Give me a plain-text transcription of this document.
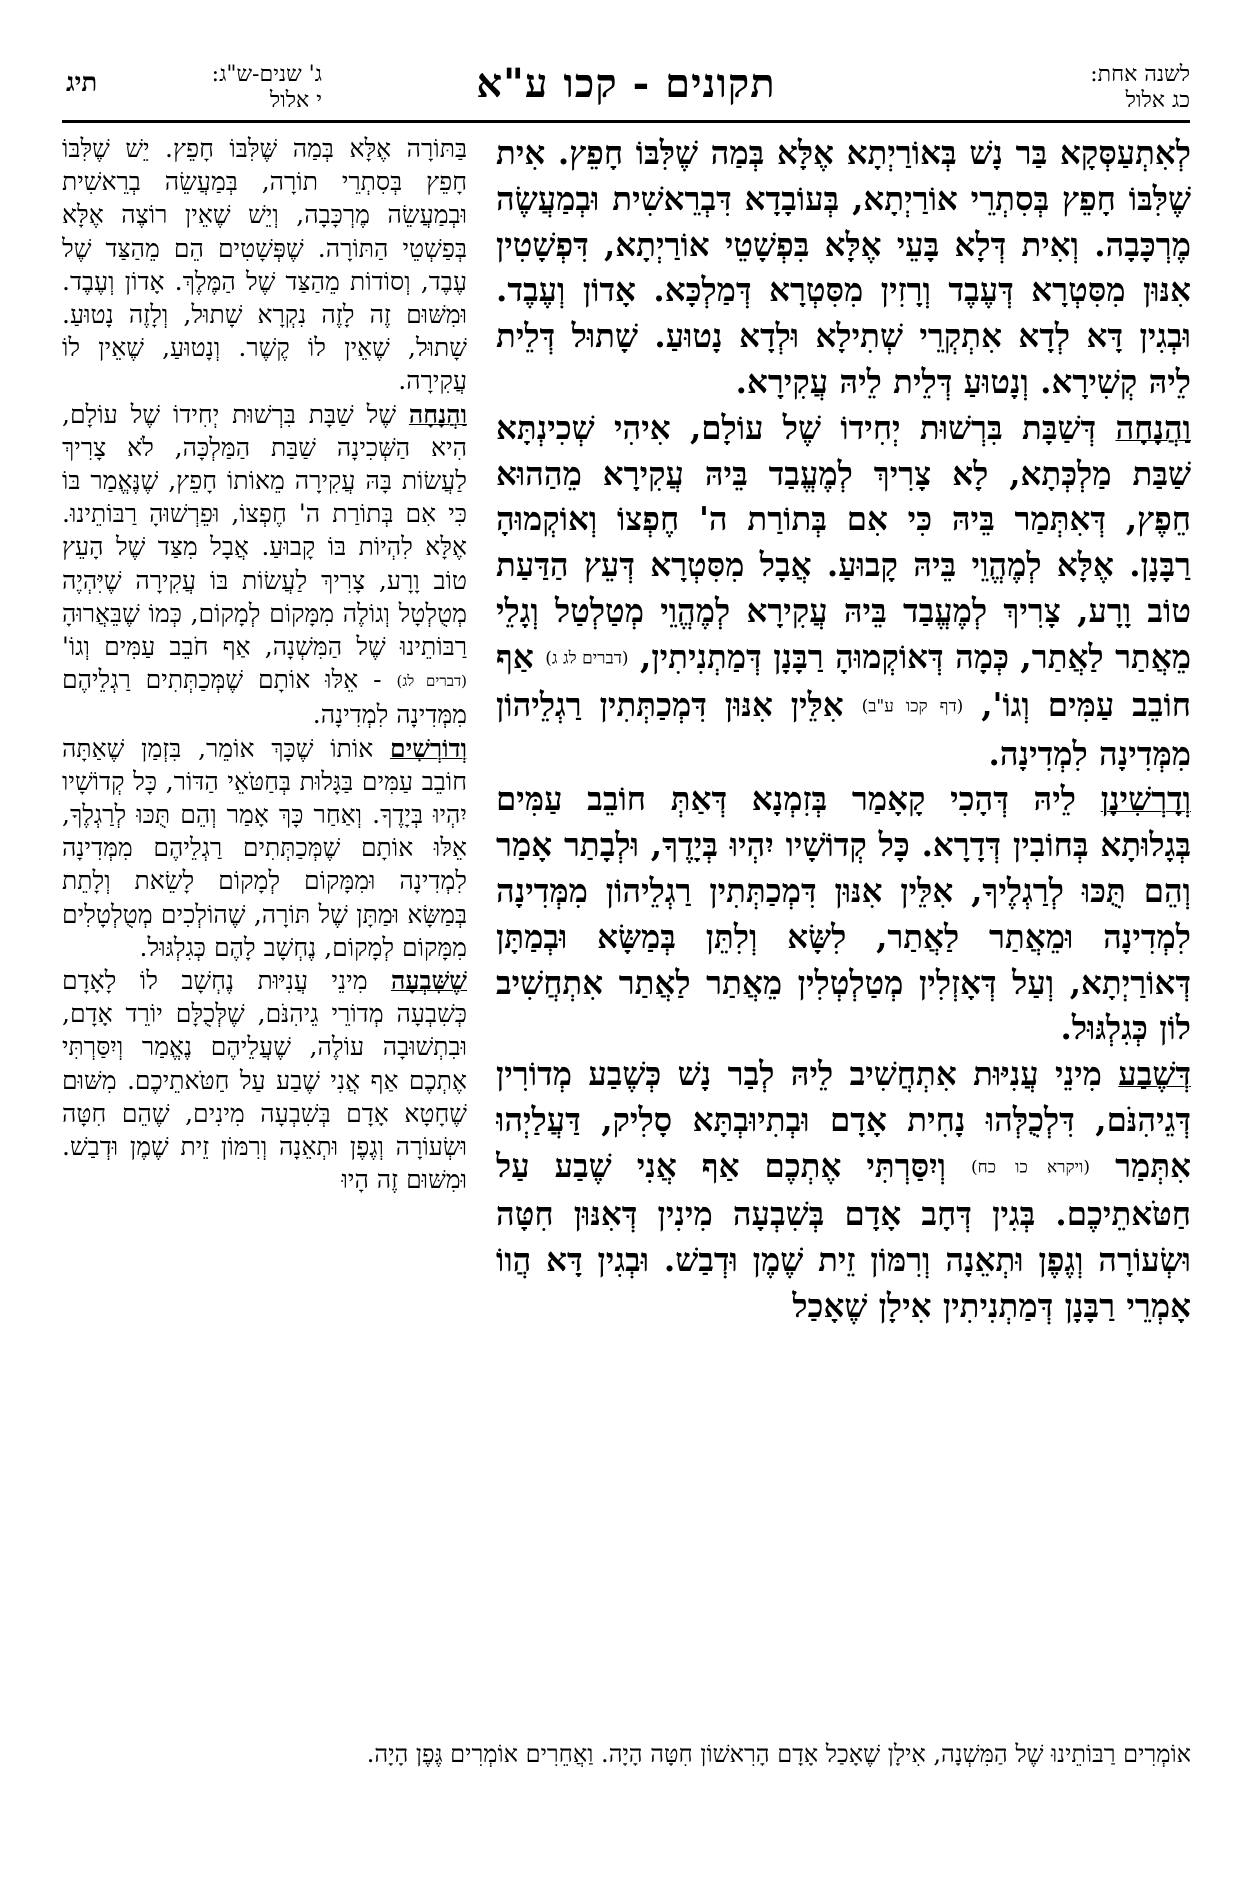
לשנה אחת:
כג אלול
תקונים - קכו ע"א
ג' שנים-ש"ג:
י אלול
תיג

לְאִתְעַסְּקָא בַּר נָשׁ בְּאוֹרַיְתָא אֶלָּא בְּמַה שֶׁלִּבּוֹ חָפֵץ. אִית שֶׁלִּבּוֹ חָפֵץ בְּסִתְרֵי אוֹרַיְתָא, בְּעוֹבָדָא דִּבְרֵאשִׁית וּבְמַעֲשֶׂה מֶרְכָּבָה. וְאִית דְּלָא בָּעֵי אֶלָּא בִּפְשָׁטֵי אוֹרַיְתָא, דִּפְשָׁטִין אִנּוּן מִסִּטְרָא דְּעֶבֶד וְרָזִין מִסִּטְרָא דְּמַלְכָּא. אָדוֹן וְעֶבֶד. וּבְגִין דָּא לְדָא אִתְקְרֵי שְׁתִילָא וּלְדָא נָטוּעַ. שָׁתוּל דְּלֵית לֵיהּ קְשִׁירָא. וְנָטוּעַ דְּלֵית לֵיהּ עֲקִירָא.

וַהֲנָחָה דְּשַׁבָּת בִּרְשׁוּת יְחִידוֹ שֶׁל עוֹלָם, אִיהִי שְׁכִינְתָּא שַׁבַּת מַלְכְּתָא, לָא צָרִיךְ לְמֶעֱבַד בֵּיהּ עֲקִירָא מֵהַהוּא חֵפֶץ, דְּאִתְּמַר בֵּיהּ כִּי אִם בְּתוֹרַת ה' חֶפְצוֹ וְאוֹקְמוּהָ רַבָּנָן. אֶלָּא לְמֶהֱוֵי בֵּיהּ קָבוּעַ. אֲבָל מִסִּטְרָא דְּעֵץ הַדַּעַת טוֹב וָרָע, צָרִיךְ לְמֶעֱבַד בֵּיהּ עֲקִירָא לְמֶהֱוֵי מְטַלְטַל וְגָלֵי מֵאֲתַר לַאֲתַר, כְּמָה דְּאוֹקְמוּהָ רַבָּנָן דְּמַתְנִיתִין, (דברים לג ג) אַף חוֹבֵב עַמִּים וְגוֹ', (דף קכו ע"ב) אִלֵּין אִנּוּן דִּמְכַתְּתִין רַגְלֵיהוֹן מִמְּדִינָה לִמְדִינָה.

וְדָרְשִׁינָן לֵיהּ דְּהָכִי קָאָמַר בְּזִמְנָא דְּאַתְּ חוֹבֵב עַמִּים בְּגָלוּתָא בְּחוֹבִין דְּדָרָא. כָּל קְדוֹשָׁיו יִהְיוּ בְּיָדֶךָ, וּלְבָתַר אָמַר וְהֵם תֻּכּוּ לְרַגְלֶיךָ, אִלֵּין אִנּוּן דִּמְכַתְּתִין רַגְלֵיהוֹן מִמְּדִינָה לִמְדִינָה וּמֵאֲתַר לַאֲתַר, לִשָּׂא וְלִתֵּן בְּמַשָּׂא וּבְמַתָּן דְּאוֹרַיְתָא, וְעַל דְּאָזְלִין מְטַלְטְלִין מֵאֲתַר לַאֲתַר אִתְחֲשִׁיב לוֹן כְּגִלְגּוּל.

דְּשֶׁבַע מִינֵי עֲנִיּוּת אִתְחֲשִׁיב לֵיהּ לְבַר נָשׁ כְּשֶׁבַע מְדוֹרִין דְּגֵיהִנֹּם, דִּלְכֻלְּהוּ נָחִית אָדָם וּבְתִיוּבְתָּא סָלִיק, דַּעֲלַיְהוּ אִתְּמַר (ויקרא כו כח) וְיִסַּרְתִּי אֶתְכֶם אַף אֲנִי שֶׁבַע עַל חַטֹּאתֵיכֶם. בְּגִין דְּחָב אָדָם בְּשִׁבְעָה מִינִין דְּאִנּוּן חִטָּה וּשְׂעוֹרָה וְגֶפֶן וּתְאֵנָה וְרִמּוֹן זֵית שֶׁמֶן וּדְבַשׁ. וּבְגִין דָּא הֲווֹ אָמְרֵי רַבָּנָן דְּמַתְנִיתִין אִילָן שֶׁאָכַל

בַּתּוֹרָה אֶלָּא בְּמַה שֶּׁלִּבּוֹ חָפֵץ. יֵשׁ שֶׁלִּבּוֹ חָפֵץ בְּסִתְרֵי תוֹרָה, בְּמַעֲשֵׂה בְרֵאשִׁית וּבְמַעֲשֵׂה מֶרְכָּבָה, וְיֵשׁ שֶׁאֵין רוֹצֶה אֶלָּא בְּפַשְׁטֵי הַתּוֹרָה. שֶׁפְּשָׁטִים הֵם מֵהַצַּד שֶׁל עֶבֶד, וְסוֹדוֹת מֵהַצַּד שֶׁל הַמֶּלֶךְ. אָדוֹן וְעֶבֶד. וּמִשּׁוּם זֶה לָזֶה נִקְרָא שָׁתוּל, וְלָזֶה נָטוּעַ. שָׁתוּל, שֶׁאֵין לוֹ קֶשֶׁר. וְנָטוּעַ, שֶׁאֵין לוֹ עֲקִירָה.

וַהֲנָחָה שֶׁל שַׁבָּת בִּרְשׁוּת יְחִידוֹ שֶׁל עוֹלָם, הִיא הַשְּׁכִינָה שַׁבַּת הַמַּלְכָּה, לֹא צָרִיךְ לַעֲשׂוֹת בָּהּ עֲקִירָה מֵאוֹתוֹ חָפֵץ, שֶׁנֶּאֱמַר בּוֹ כִּי אִם בְּתוֹרַת ה' חֶפְצוֹ, וּפֵרְשׁוּהָ רַבּוֹתֵינוּ. אֶלָּא לִהְיוֹת בּוֹ קָבוּעַ. אֲבָל מִצַּד שֶׁל הָעֵץ טוֹב וָרָע, צָרִיךְ לַעֲשׂוֹת בּוֹ עֲקִירָה שֶׁיִּהְיֶה מְטֻלְטָל וְגוֹלֶה מִמָּקוֹם לְמָקוֹם, כְּמוֹ שֶׁבֵּאֲרוּהָ רַבּוֹתֵינוּ שֶׁל הַמִּשְׁנָה, אַף חֹבֵב עַמִּים וְגוֹ' (דברים לג) - אֵלּוּ אוֹתָם שֶׁמְּכַתְּתִים רַגְלֵיהֶם מִמְּדִינָה לִמְדִינָה.

וְדוֹרְשִׁים אוֹתוֹ שֶׁכָּךְ אוֹמֵר, בִּזְמַן שֶׁאַתָּה חוֹבֵב עַמִּים בַּגָּלוּת בְּחַטֹּאֵי הַדּוֹר, כָּל קְדוֹשָׁיו יִהְיוּ בְּיָדֶךָ. וְאַחַר כָּךְ אָמַר וְהֵם תֻּכּוּ לְרַגְלֶךָ, אֵלּוּ אוֹתָם שֶׁמְּכַתְּתִים רַגְלֵיהֶם מִמְּדִינָה לִמְדִינָה וּמִמָּקוֹם לְמָקוֹם לָשֵׂאת וְלָתֵת בְּמַשָּׂא וּמַתָּן שֶׁל תּוֹרָה, שֶׁהוֹלְכִים מְטֻלְטָלִים מִמָּקוֹם לְמָקוֹם, נֶחְשָׁב לָהֶם כְּגִלְגּוּל.

שֶׁשִּׁבְעָה מִינֵי עֲנִיּוּת נֶחְשָׁב לוֹ לָאָדָם כְּשִׁבְעָה מְדוֹרֵי גֵיהִנֹּם, שֶׁלְּכֻלָּם יוֹרֵד אָדָם, וּבִתְשׁוּבָה עוֹלֶה, שֶׁעֲלֵיהֶם נֶאֱמַר וְיִסַּרְתִּי אֶתְכֶם אַף אֲנִי שֶׁבַע עַל חַטֹּאתֵיכֶם. מִשּׁוּם שֶׁחָטָא אָדָם בְּשִׁבְעָה מִינִים, שֶׁהֵם חִטָּה וּשְׂעוֹרָה וְגֶפֶן וּתְאֵנָה וְרִמּוֹן זֵית שֶׁמֶן וּדְבַשׁ. וּמִשּׁוּם זֶה הָיוּ

אוֹמְרִים רַבּוֹתֵינוּ שֶׁל הַמִּשְׁנָה, אִילָן שֶׁאָכַל אָדָם הָרִאשׁוֹן חִטָּה הָיָה. וַאֲחֵרִים אוֹמְרִים גֶּפֶן הָיָה.
